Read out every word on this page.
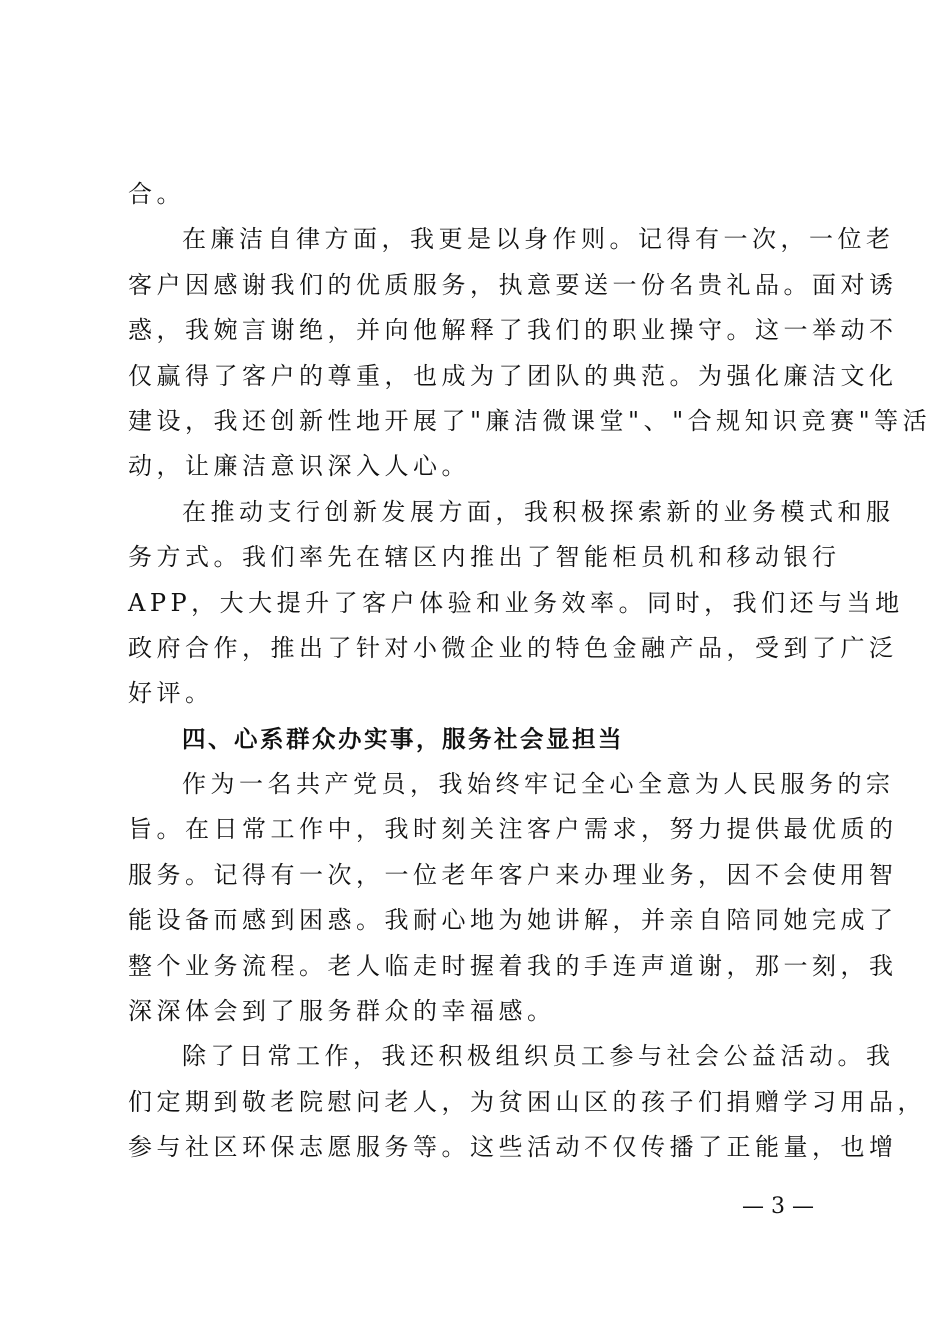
合。
在廉洁自律方面，我更是以身作则。记得有一次，一位老
客户因感谢我们的优质服务，执意要送一份名贵礼品。面对诱
惑，我婉言谢绝，并向他解释了我们的职业操守。这一举动不
仅赢得了客户的尊重，也成为了团队的典范。为强化廉洁文化
建设，我还创新性地开展了"廉洁微课堂"、"合规知识竞赛"等活
动，让廉洁意识深入人心。
在推动支行创新发展方面，我积极探索新的业务模式和服
务方式。我们率先在辖区内推出了智能柜员机和移动银行
APP，大大提升了客户体验和业务效率。同时，我们还与当地
政府合作，推出了针对小微企业的特色金融产品，受到了广泛
好评。
四、心系群众办实事，服务社会显担当
作为一名共产党员，我始终牢记全心全意为人民服务的宗
旨。在日常工作中，我时刻关注客户需求，努力提供最优质的
服务。记得有一次，一位老年客户来办理业务，因不会使用智
能设备而感到困惑。我耐心地为她讲解，并亲自陪同她完成了
整个业务流程。老人临走时握着我的手连声道谢，那一刻，我
深深体会到了服务群众的幸福感。
除了日常工作，我还积极组织员工参与社会公益活动。我
们定期到敬老院慰问老人，为贫困山区的孩子们捐赠学习用品，
参与社区环保志愿服务等。这些活动不仅传播了正能量，也增
— 3 —
